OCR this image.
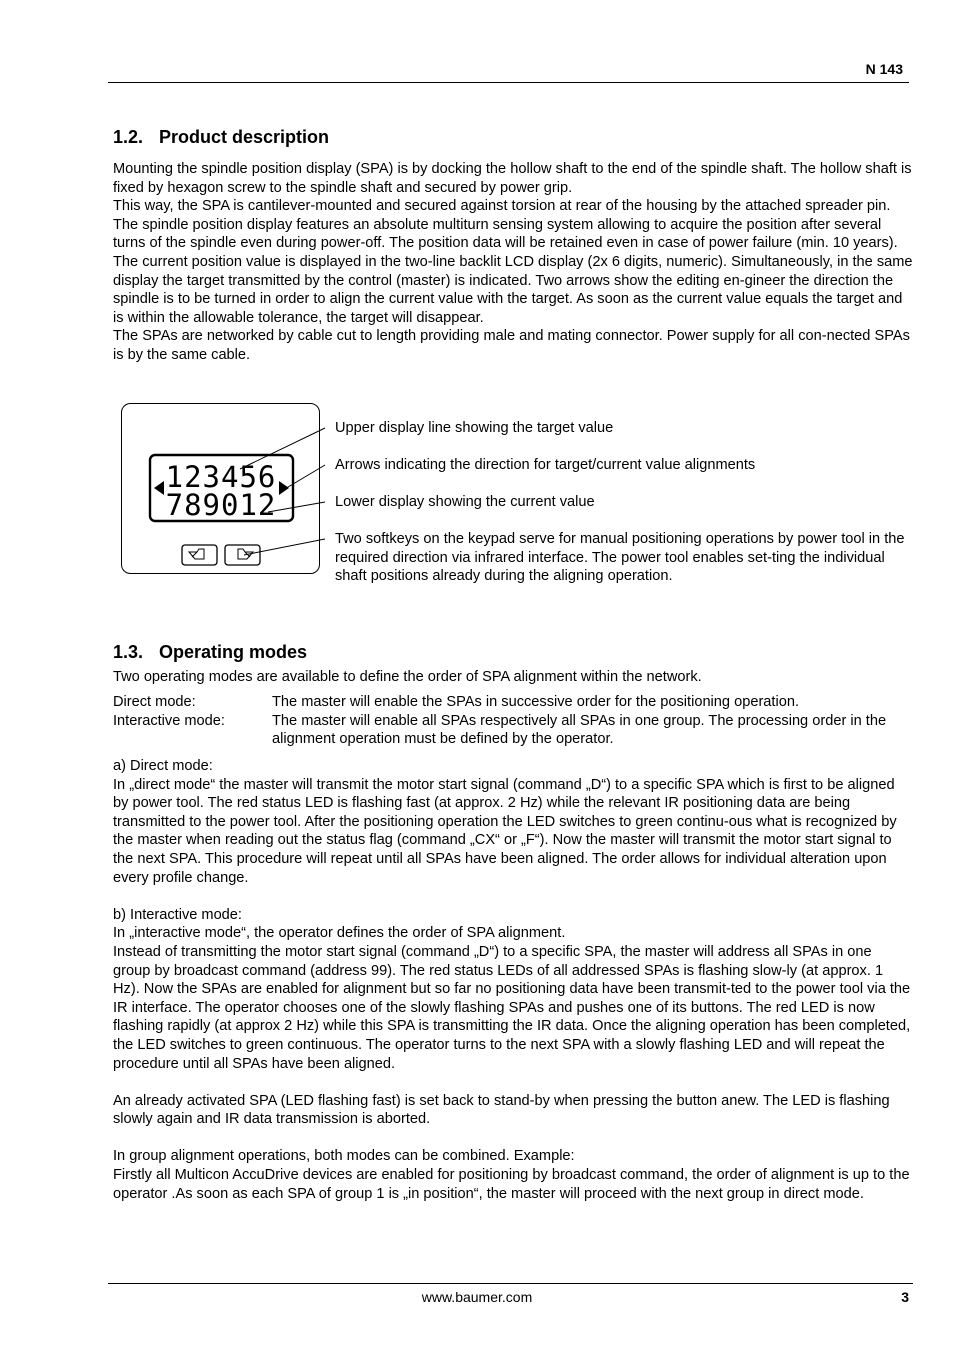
N 143
1.2. Product description

Mounting the spindle position display (SPA) is by docking the hollow shaft to the end of the spindle shaft. The hollow shaft is fixed by hexagon screw to the spindle shaft and secured by power grip.

This way, the SPA is cantilever-mounted and secured against torsion at rear of the housing by the attached spreader pin. The spindle position display features an absolute multiturn sensing system allowing to acquire the position after several turns of the spindle even during power-off. The position data will be retained even in case of power failure (min. 10 years).

The current position value is displayed in the two-line backlit LCD display (2x 6 digits, numeric). Simultaneously, in the same display the target transmitted by the control (master) is indicated. Two arrows show the editing en-gineer the direction the spindle is to be turned in order to align the current value with the target. As soon as the current value equals the target and is within the allowable tolerance, the target will disappear.

The SPAs are networked by cable cut to length providing male and mating connector. Power supply for all con-nected SPAs is by the same cable.

123456
789012
Upper display line showing the target value
Arrows indicating the direction for target/current value alignments
Lower display showing the current value
Two softkeys on the keypad serve for manual positioning operations by power tool in the required direction via infrared interface. The power tool enables set-ting the individual shaft positions already during the aligning operation.
1.3. Operating modes
Two operating modes are available to define the order of SPA alignment within the network.
Direct mode:	The master will enable the SPAs in successive order for the positioning operation.
Interactive mode:	The master will enable all SPAs respectively all SPAs in one group. The processing order in the alignment operation must be defined by the operator.

a) Direct mode:

In „direct mode“ the master will transmit the motor start signal (command „D“) to a specific SPA which is first to be aligned by power tool. The red status LED is flashing fast (at approx. 2 Hz) while the relevant IR positioning data are being transmitted to the power tool. After the positioning operation the LED switches to green continu-ous what is recognized by the master when reading out the status flag (command „CX“ or „F“). Now the master will transmit the motor start signal to the next SPA. This procedure will repeat until all SPAs have been aligned. The order allows for individual alteration upon every profile change.

b) Interactive mode:

In „interactive mode“, the operator defines the order of SPA alignment.

Instead of transmitting the motor start signal (command „D“) to a specific SPA, the master will address all SPAs in one group by broadcast command (address 99). The red status LEDs of all addressed SPAs is flashing slow-ly (at approx. 1 Hz). Now the SPAs are enabled for alignment but so far no positioning data have been transmit-ted to the power tool via the IR interface. The operator chooses one of the slowly flashing SPAs and pushes one of its buttons. The red LED is now flashing rapidly (at approx 2 Hz) while this SPA is transmitting the IR data. Once the aligning operation has been completed, the LED switches to green continuous. The operator turns to the next SPA with a slowly flashing LED and will repeat the procedure until all SPAs have been aligned.

An already activated SPA (LED flashing fast) is set back to stand-by when pressing the button anew. The LED is flashing slowly again and IR data transmission is aborted.

In group alignment operations, both modes can be combined. Example:

Firstly all Multicon AccuDrive devices are enabled for positioning by broadcast command, the order of alignment is up to the operator .As soon as each SPA of group 1 is „in position“, the master will proceed with the next group in direct mode.

www.baumer.com	3
